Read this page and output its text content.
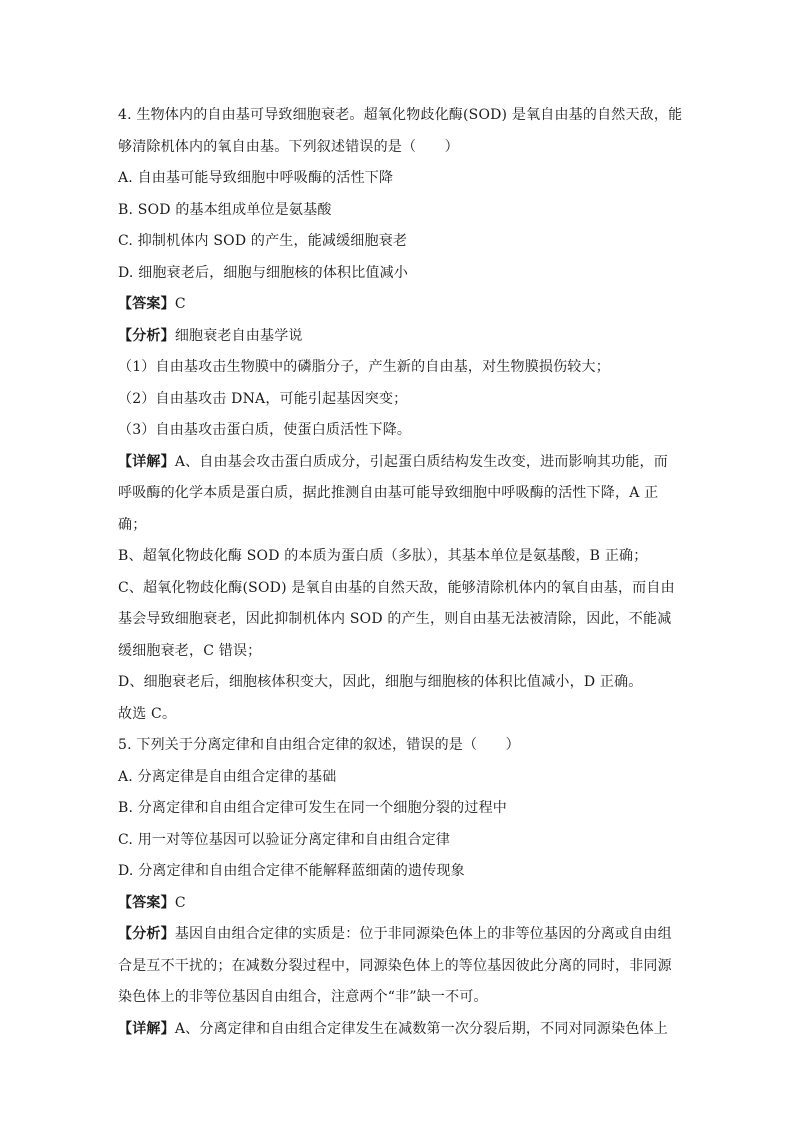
4. 生物体内的自由基可导致细胞衰老。超氧化物歧化酶(SOD) 是氧自由基的自然天敌，能
够清除机体内的氧自由基。下列叙述错误的是（　　）
A. 自由基可能导致细胞中呼吸酶的活性下降
B. SOD 的基本组成单位是氨基酸
C. 抑制机体内 SOD 的产生，能减缓细胞衰老
D. 细胞衰老后，细胞与细胞核的体积比值减小
【答案】C
【分析】细胞衰老自由基学说
（1）自由基攻击生物膜中的磷脂分子，产生新的自由基，对生物膜损伤较大；
（2）自由基攻击 DNA，可能引起基因突变；
（3）自由基攻击蛋白质，使蛋白质活性下降。
【详解】A、自由基会攻击蛋白质成分，引起蛋白质结构发生改变，进而影响其功能，而
呼吸酶的化学本质是蛋白质，据此推测自由基可能导致细胞中呼吸酶的活性下降，A 正
确；
B、超氧化物歧化酶 SOD 的本质为蛋白质（多肽），其基本单位是氨基酸，B 正确；
C、超氧化物歧化酶(SOD) 是氧自由基的自然天敌，能够清除机体内的氧自由基，而自由
基会导致细胞衰老，因此抑制机体内 SOD 的产生，则自由基无法被清除，因此，不能减
缓细胞衰老，C 错误；
D、细胞衰老后，细胞核体积变大，因此，细胞与细胞核的体积比值减小，D 正确。
故选 C。
5. 下列关于分离定律和自由组合定律的叙述，错误的是（　　）
A. 分离定律是自由组合定律的基础
B. 分离定律和自由组合定律可发生在同一个细胞分裂的过程中
C. 用一对等位基因可以验证分离定律和自由组合定律
D. 分离定律和自由组合定律不能解释蓝细菌的遗传现象
【答案】C
【分析】基因自由组合定律的实质是：位于非同源染色体上的非等位基因的分离或自由组
合是互不干扰的；在减数分裂过程中，同源染色体上的等位基因彼此分离的同时，非同源
染色体上的非等位基因自由组合，注意两个“非”缺一不可。
【详解】A、分离定律和自由组合定律发生在减数第一次分裂后期，不同对同源染色体上
